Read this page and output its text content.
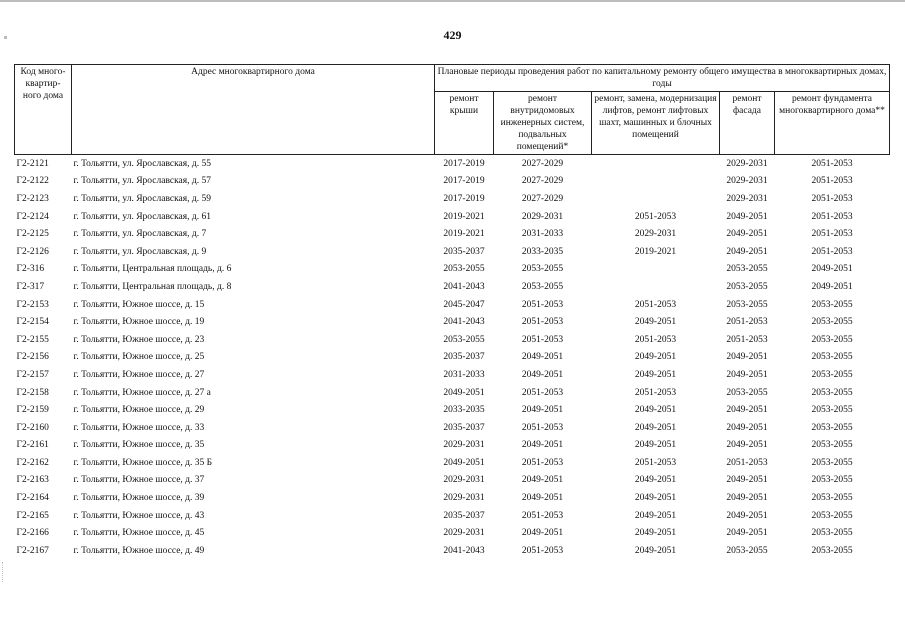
429
Код много-квартир-ного дома	Адрес многоквартирного дома	Плановые периоды проведения работ по капитальному ремонту общего имущества в многоквартирных домах, годы				
		ремонт крыши	ремонт внутридомовых инженерных систем, подвальных помещений*	ремонт, замена, модернизация лифтов, ремонт лифтовых шахт, машинных и блочных помещений	ремонт фасада	ремонт фундамента многоквартирного дома**
Г2-2121	г. Тольятти, ул. Ярославская, д. 55	2017-2019	2027-2029		2029-2031	2051-2053
Г2-2122	г. Тольятти, ул. Ярославская, д. 57	2017-2019	2027-2029		2029-2031	2051-2053
Г2-2123	г. Тольятти, ул. Ярославская, д. 59	2017-2019	2027-2029		2029-2031	2051-2053
Г2-2124	г. Тольятти, ул. Ярославская, д. 61	2019-2021	2029-2031	2051-2053	2049-2051	2051-2053
Г2-2125	г. Тольятти, ул. Ярославская, д. 7	2019-2021	2031-2033	2029-2031	2049-2051	2051-2053
Г2-2126	г. Тольятти, ул. Ярославская, д. 9	2035-2037	2033-2035	2019-2021	2049-2051	2051-2053
Г2-316	г. Тольятти, Центральная площадь, д. 6	2053-2055	2053-2055		2053-2055	2049-2051
Г2-317	г. Тольятти, Центральная площадь, д. 8	2041-2043	2053-2055		2053-2055	2049-2051
Г2-2153	г. Тольятти, Южное шоссе, д. 15	2045-2047	2051-2053	2051-2053	2053-2055	2053-2055
Г2-2154	г. Тольятти, Южное шоссе, д. 19	2041-2043	2051-2053	2049-2051	2051-2053	2053-2055
Г2-2155	г. Тольятти, Южное шоссе, д. 23	2053-2055	2051-2053	2051-2053	2051-2053	2053-2055
Г2-2156	г. Тольятти, Южное шоссе, д. 25	2035-2037	2049-2051	2049-2051	2049-2051	2053-2055
Г2-2157	г. Тольятти, Южное шоссе, д. 27	2031-2033	2049-2051	2049-2051	2049-2051	2053-2055
Г2-2158	г. Тольятти, Южное шоссе, д. 27 а	2049-2051	2051-2053	2051-2053	2053-2055	2053-2055
Г2-2159	г. Тольятти, Южное шоссе, д. 29	2033-2035	2049-2051	2049-2051	2049-2051	2053-2055
Г2-2160	г. Тольятти, Южное шоссе, д. 33	2035-2037	2051-2053	2049-2051	2049-2051	2053-2055
Г2-2161	г. Тольятти, Южное шоссе, д. 35	2029-2031	2049-2051	2049-2051	2049-2051	2053-2055
Г2-2162	г. Тольятти, Южное шоссе, д. 35 Б	2049-2051	2051-2053	2051-2053	2051-2053	2053-2055
Г2-2163	г. Тольятти, Южное шоссе, д. 37	2029-2031	2049-2051	2049-2051	2049-2051	2053-2055
Г2-2164	г. Тольятти, Южное шоссе, д. 39	2029-2031	2049-2051	2049-2051	2049-2051	2053-2055
Г2-2165	г. Тольятти, Южное шоссе, д. 43	2035-2037	2051-2053	2049-2051	2049-2051	2053-2055
Г2-2166	г. Тольятти, Южное шоссе, д. 45	2029-2031	2049-2051	2049-2051	2049-2051	2053-2055
Г2-2167	г. Тольятти, Южное шоссе, д. 49	2041-2043	2051-2053	2049-2051	2053-2055	2053-2055
